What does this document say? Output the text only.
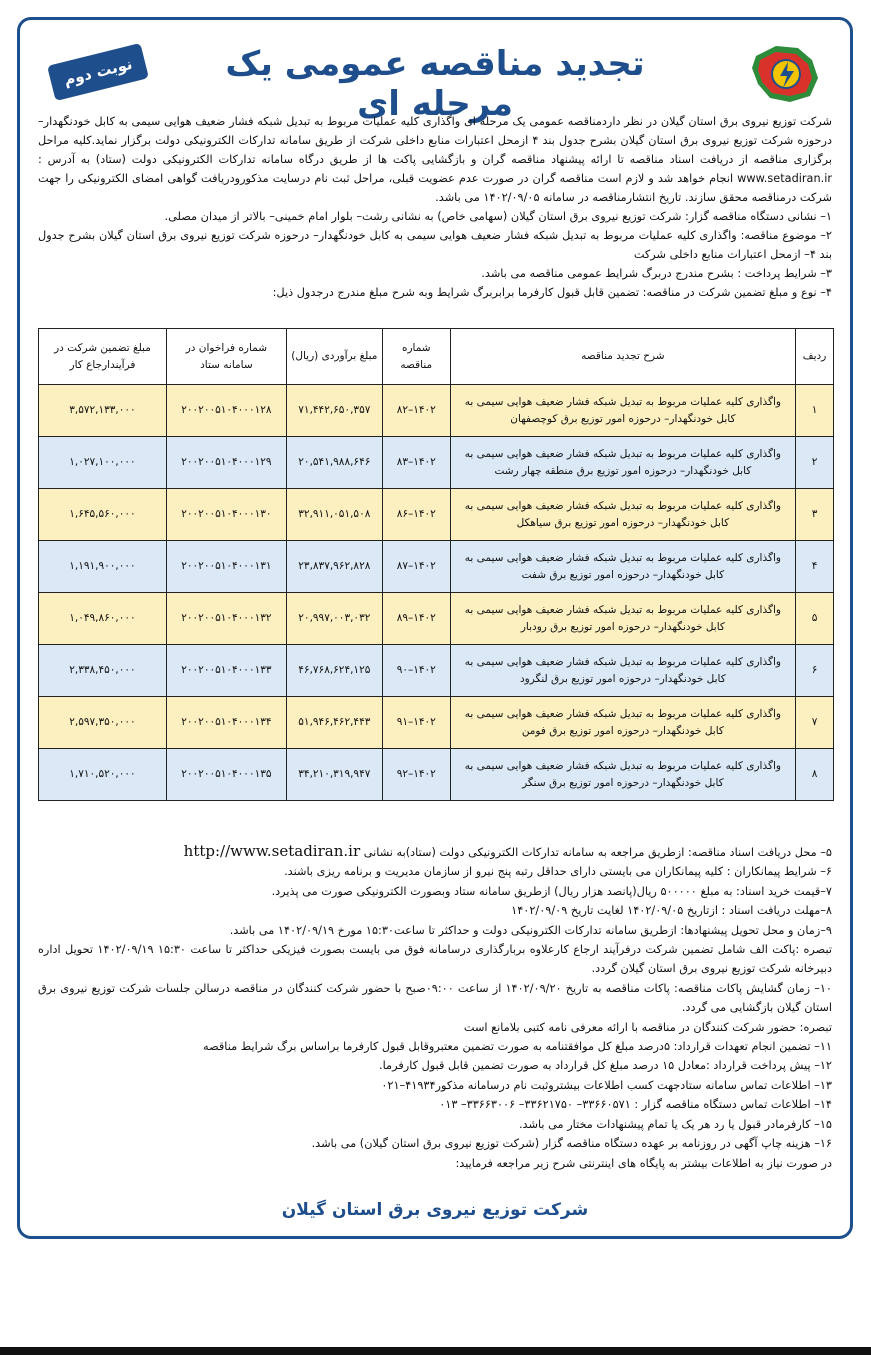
تجدید مناقصه عمومی یک مرحله ای
نوبت دوم

شرکت توزیع نیروی برق استان گیلان در نظر داردمناقصه عمومی یک مرحله ای واگذاری کلیه عملیات مربوط به تبدیل شبکه فشار ضعیف هوایی سیمی به کابل خودنگهدار– درحوزه شرکت توزیع نیروی برق استان گیلان بشرح جدول بند ۴ ازمحل اعتبارات منابع داخلی شرکت از طریق سامانه تدارکات الکترونیکی دولت برگزار نماید.کلیه مراحل برگزاری مناقصه از دریافت اسناد مناقصه تا ارائه پیشنهاد مناقصه گران و بازگشایی پاکت ها از طریق درگاه سامانه تدارکات الکترونیکی دولت (ستاد) به آدرس : www.setadiran.ir انجام خواهد شد و لازم است مناقصه گران در صورت عدم عضویت قبلی، مراحل ثبت نام درسایت مذکورودریافت گواهی امضای الکترونیکی را جهت شرکت درمناقصه محقق سازند. تاریخ انتشارمناقصه در سامانه ۱۴۰۲/۰۹/۰۵ می باشد.

۱– نشانی دستگاه مناقصه گزار: شرکت توزیع نیروی برق استان گیلان (سهامی خاص) به نشانی رشت– بلوار امام خمینی– بالاتر از میدان مصلی.

۲– موضوع مناقصه: واگذاری کلیه عملیات مربوط به تبدیل شبکه فشار ضعیف هوایی سیمی به کابل خودنگهدار– درحوزه شرکت توزیع نیروی برق استان گیلان بشرح جدول بند ۴– ازمحل اعتبارات منابع داخلی شرکت

۳– شرایط پرداخت : بشرح مندرج دربرگ شرایط عمومی مناقصه می باشد.

۴– نوع و مبلغ تضمین شرکت در مناقصه: تضمین قابل قبول کارفرما برابربرگ شرایط وبه شرح مبلغ مندرج درجدول ذیل:

ردیف	شرح تجدید مناقصه	شماره مناقصه	مبلغ برآوردی (ریال)	شماره فراخوان در سامانه ستاد	مبلغ تضمین شرکت در فرآیندارجاع کار
۱	واگذاری کلیه عملیات مربوط به تبدیل شبکه فشار ضعیف هوایی سیمی به کابل خودنگهدار– درحوزه امور توزیع برق کوچصفهان	۱۴۰۲–۸۲	۷۱,۴۴۲,۶۵۰,۳۵۷	۲۰۰۲۰۰۵۱۰۴۰۰۰۱۲۸	۳,۵۷۲,۱۳۳,۰۰۰
۲	واگذاری کلیه عملیات مربوط به تبدیل شبکه فشار ضعیف هوایی سیمی به کابل خودنگهدار– درحوزه امور توزیع برق منطقه چهار رشت	۱۴۰۲–۸۳	۲۰,۵۴۱,۹۸۸,۶۴۶	۲۰۰۲۰۰۵۱۰۴۰۰۰۱۲۹	۱,۰۲۷,۱۰۰,۰۰۰
۳	واگذاری کلیه عملیات مربوط به تبدیل شبکه فشار ضعیف هوایی سیمی به کابل خودنگهدار– درحوزه امور توزیع برق سیاهکل	۱۴۰۲–۸۶	۳۲,۹۱۱,۰۵۱,۵۰۸	۲۰۰۲۰۰۵۱۰۴۰۰۰۱۳۰	۱,۶۴۵,۵۶۰,۰۰۰
۴	واگذاری کلیه عملیات مربوط به تبدیل شبکه فشار ضعیف هوایی سیمی به کابل خودنگهدار– درحوزه امور توزیع برق شفت	۱۴۰۲–۸۷	۲۳,۸۳۷,۹۶۲,۸۲۸	۲۰۰۲۰۰۵۱۰۴۰۰۰۱۳۱	۱,۱۹۱,۹۰۰,۰۰۰
۵	واگذاری کلیه عملیات مربوط به تبدیل شبکه فشار ضعیف هوایی سیمی به کابل خودنگهدار– درحوزه امور توزیع برق رودبار	۱۴۰۲–۸۹	۲۰,۹۹۷,۰۰۳,۰۳۲	۲۰۰۲۰۰۵۱۰۴۰۰۰۱۳۲	۱,۰۴۹,۸۶۰,۰۰۰
۶	واگذاری کلیه عملیات مربوط به تبدیل شبکه فشار ضعیف هوایی سیمی به کابل خودنگهدار– درحوزه امور توزیع برق لنگرود	۱۴۰۲–۹۰	۴۶,۷۶۸,۶۲۴,۱۲۵	۲۰۰۲۰۰۵۱۰۴۰۰۰۱۳۳	۲,۳۳۸,۴۵۰,۰۰۰
۷	واگذاری کلیه عملیات مربوط به تبدیل شبکه فشار ضعیف هوایی سیمی به کابل خودنگهدار– درحوزه امور توزیع برق فومن	۱۴۰۲–۹۱	۵۱,۹۴۶,۴۶۲,۴۴۳	۲۰۰۲۰۰۵۱۰۴۰۰۰۱۳۴	۲,۵۹۷,۳۵۰,۰۰۰
۸	واگذاری کلیه عملیات مربوط به تبدیل شبکه فشار ضعیف هوایی سیمی به کابل خودنگهدار– درحوزه امور توزیع برق سنگر	۱۴۰۲–۹۲	۳۴,۲۱۰,۳۱۹,۹۴۷	۲۰۰۲۰۰۵۱۰۴۰۰۰۱۳۵	۱,۷۱۰,۵۲۰,۰۰۰

۵– محل دریافت اسناد مناقصه: ازطریق مراجعه به سامانه تدارکات الکترونیکی دولت (ستاد)به نشانی http://www.setadiran.ir

۶– شرایط پیمانکاران : کلیه پیمانکاران می بایستی دارای حداقل رتبه پنج نیرو از سازمان مدیریت و برنامه ریزی باشند.

۷–قیمت خرید اسناد: به مبلغ ۵۰۰۰۰۰ ریال(پانصد هزار ریال) ازطریق سامانه ستاد وبصورت الکترونیکی صورت می پذیرد.

۸–مهلت دریافت اسناد : ازتاریخ ۱۴۰۲/۰۹/۰۵ لغایت تاریخ ۱۴۰۲/۰۹/۰۹

۹–زمان و محل تحویل پیشنهادها: ازطریق سامانه تدارکات الکترونیکی دولت و حداکثر تا ساعت۱۵:۳۰ مورخ ۱۴۰۲/۰۹/۱۹ می باشد.

تبصره :پاکت الف شامل تضمین شرکت درفرآیند ارجاع کارعلاوه بربارگذاری درسامانه فوق می بایست بصورت فیزیکی حداکثر تا ساعت ۱۵:۳۰ ۱۴۰۲/۰۹/۱۹ تحویل اداره دبیرخانه شرکت توزیع نیروی برق استان گیلان گردد.

۱۰– زمان گشایش پاکات مناقصه: پاکات مناقصه به تاریخ ۱۴۰۲/۰۹/۲۰ از ساعت ۰۹:۰۰صبح با حضور شرکت کنندگان در مناقصه درسالن جلسات شرکت توزیع نیروی برق استان گیلان بازگشایی می گردد.

تبصره: حضور شرکت کنندگان در مناقصه با ارائه معرفی نامه کتبی بلامانع است

۱۱– تضمین انجام تعهدات قرارداد: ۵درصد مبلغ کل موافقتنامه به صورت تضمین معتبروقابل قبول کارفرما براساس برگ شرایط مناقصه

۱۲– پیش پرداخت قرارداد :معادل ۱۵ درصد مبلغ کل قرارداد به صورت تضمین قابل قبول کارفرما.

۱۳– اطلاعات تماس سامانه ستادجهت کسب اطلاعات بیشتروثبت نام درسامانه مذکور۴۱۹۳۴–۰۲۱

۱۴– اطلاعات تماس دستگاه مناقصه گزار : ۳۳۶۶۰۵۷۱– ۳۳۶۲۱۷۵۰– ۳۳۶۶۳۰۰۶– ۰۱۳

۱۵– کارفرمادر قبول یا رد هر یک یا تمام پیشنهادات مختار می باشد.

۱۶– هزینه چاپ آگهی در روزنامه بر عهده دستگاه مناقصه گزار (شرکت توزیع نیروی برق استان گیلان) می باشد.

در صورت نیاز به اطلاعات بیشتر به پایگاه های اینترنتی شرح زیر مراجعه فرمایید:

شرکت توزیع نیروی برق استان گیلان
